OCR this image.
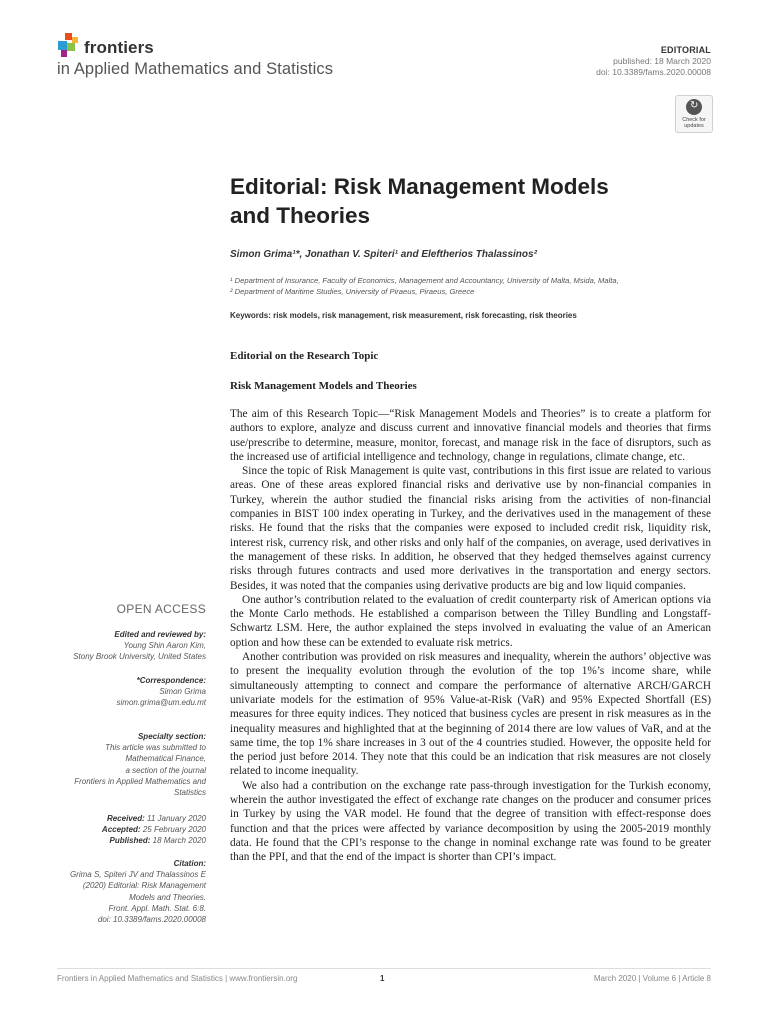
frontiers
in Applied Mathematics and Statistics
EDITORIAL
published: 18 March 2020
doi: 10.3389/fams.2020.00008
↻
Check for updates
Editorial: Risk Management Models
and Theories
Simon Grima¹*, Jonathan V. Spiteri¹ and Eleftherios Thalassinos²
¹ Department of Insurance, Faculty of Economics, Management and Accountancy, University of Malta, Msida, Malta,
² Department of Maritime Studies, University of Piraeus, Piraeus, Greece
Keywords: risk models, risk management, risk measurement, risk forecasting, risk theories
Editorial on the Research Topic
Risk Management Models and Theories

The aim of this Research Topic—“Risk Management Models and Theories” is to create a platform for authors to explore, analyze and discuss current and innovative financial models and theories that firms use/prescribe to determine, measure, monitor, forecast, and manage risk in the face of disruptors, such as the increased use of artificial intelligence and technology, change in regulations, climate change, etc.

Since the topic of Risk Management is quite vast, contributions in this first issue are related to various areas. One of these areas explored financial risks and derivative use by non-financial companies in Turkey, wherein the author studied the financial risks arising from the activities of non-financial companies in BIST 100 index operating in Turkey, and the derivatives used in the management of these risks. He found that the risks that the companies were exposed to included credit risk, liquidity risk, interest risk, currency risk, and other risks and only half of the companies, on average, used derivatives in the management of these risks. In addition, he observed that they hedged themselves against currency risks through futures contracts and used more derivatives in the transportation and energy sectors. Besides, it was noted that the companies using derivative products are big and low liquid companies.

One author’s contribution related to the evaluation of credit counterparty risk of American options via the Monte Carlo methods. He established a comparison between the Tilley Bundling and Longstaff-Schwartz LSM. Here, the author explained the steps involved in evaluating the value of an American option and how these can be extended to evaluate risk metrics.

Another contribution was provided on risk measures and inequality, wherein the authors’ objective was to present the inequality evolution through the evolution of the top 1%’s income share, while simultaneously attempting to connect and compare the performance of alternative ARCH/GARCH univariate models for the estimation of 95% Value-at-Risk (VaR) and 95% Expected Shortfall (ES) measures for three equity indices. They noticed that business cycles are present in risk measures as in the inequality measures and highlighted that at the beginning of 2014 there are low values of VaR, and at the same time, the top 1% share increases in 3 out of the 4 countries studied. However, the opposite held for the period just before 2014. They note that this could be an indication that risk measures are not closely related to income inequality.

We also had a contribution on the exchange rate pass-through investigation for the Turkish economy, wherein the author investigated the effect of exchange rate changes on the producer and consumer prices in Turkey by using the VAR model. He found that the degree of transition with effect-response does function and that the prices were affected by variance decomposition by using the 2005-2019 monthly data. He found that the CPI’s response to the change in nominal exchange rate was found to be greater than the PPI, and that the end of the impact is shorter than CPI’s impact.

OPEN ACCESS
Edited and reviewed by:
Young Shin Aaron Kim,
Stony Brook University, United States
*Correspondence:
Simon Grima
simon.grima@um.edu.mt
Specialty section:
This article was submitted to
Mathematical Finance,
a section of the journal
Frontiers in Applied Mathematics and
Statistics
Received: 11 January 2020
Accepted: 25 February 2020
Published: 18 March 2020
Citation:
Grima S, Spiteri JV and Thalassinos E
(2020) Editorial: Risk Management
Models and Theories.
Front. Appl. Math. Stat. 6:8.
doi: 10.3389/fams.2020.00008
Frontiers in Applied Mathematics and Statistics | www.frontiersin.org	1	March 2020 | Volume 6 | Article 8
